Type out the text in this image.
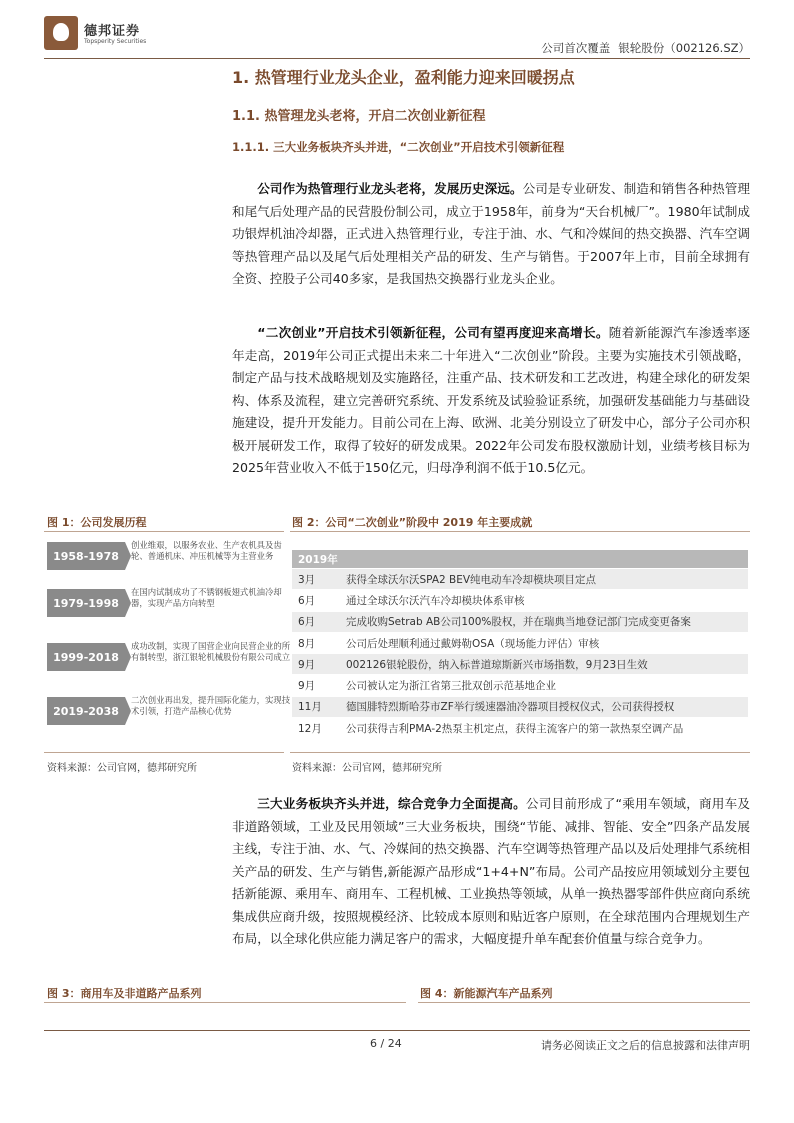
德邦证券
Topsperity Securities	公司首次覆盖 银轮股份（002126.SZ）
1. 热管理行业龙头企业，盈利能力迎来回暖拐点
1.1. 热管理龙头老将，开启二次创业新征程
1.1.1. 三大业务板块齐头并进，“二次创业”开启技术引领新征程

公司作为热管理行业龙头老将，发展历史深远。公司是专业研发、制造和销售各种热管理和尾气后处理产品的民营股份制公司，成立于1958年，前身为“天台机械厂”。1980年试制成功银焊机油冷却器，正式进入热管理行业，专注于油、水、气和冷媒间的热交换器、汽车空调等热管理产品以及尾气后处理相关产品的研发、生产与销售。于2007年上市，目前全球拥有全资、控股子公司40多家，是我国热交换器行业龙头企业。

“二次创业”开启技术引领新征程，公司有望再度迎来高增长。随着新能源汽车渗透率逐年走高，2019年公司正式提出未来二十年进入“二次创业”阶段。主要为实施技术引领战略，制定产品与技术战略规划及实施路径，注重产品、技术研发和工艺改进，构建全球化的研发架构、体系及流程，建立完善研究系统、开发系统及试验验证系统，加强研发基础能力与基础设施建设，提升开发能力。目前公司在上海、欧洲、北美分别设立了研发中心，部分子公司亦积极开展研发工作，取得了较好的研发成果。2022年公司发布股权激励计划，业绩考核目标为2025年营业收入不低于150亿元，归母净利润不低于10.5亿元。

图 1：公司发展历程
1958-1978
创业维艰，以服务农业、生产农机具及齿轮、普通机床、冲压机械等为主营业务
1979-1998
在国内试制成功了不锈钢板翅式机油冷却器，实现产品方向转型
1999-2018
成功改制，实现了国营企业向民营企业的所有制转型，浙江银轮机械股份有限公司成立
2019-2038
二次创业再出发，提升国际化能力，实现技术引领，打造产品核心优势
资料来源：公司官网，德邦研究所
图 2：公司“二次创业”阶段中 2019 年主要成就
2019年	
3月	获得全球沃尔沃SPA2 BEV纯电动车冷却模块项目定点
6月	通过全球沃尔沃汽车冷却模块体系审核
6月	完成收购Setrab AB公司100%股权，并在瑞典当地登记部门完成变更备案
8月	公司后处理顺利通过戴姆勒OSA（现场能力评估）审核
9月	002126银轮股份，纳入标普道琼斯新兴市场指数，9月23日生效
9月	公司被认定为浙江省第三批双创示范基地企业
11月	德国腓特烈斯哈芬市ZF举行缓速器油冷器项目授权仪式，公司获得授权
12月	公司获得吉利PMA-2热泵主机定点，获得主流客户的第一款热泵空调产品
资料来源：公司官网，德邦研究所

三大业务板块齐头并进，综合竞争力全面提高。公司目前形成了“乘用车领域，商用车及非道路领域，工业及民用领域”三大业务板块，围绕“节能、减排、智能、安全”四条产品发展主线，专注于油、水、气、冷媒间的热交换器、汽车空调等热管理产品以及后处理排气系统相关产品的研发、生产与销售,新能源产品形成“1+4+N”布局。公司产品按应用领域划分主要包括新能源、乘用车、商用车、工程机械、工业换热等领域，从单一换热器零部件供应商向系统集成供应商升级，按照规模经济、比较成本原则和贴近客户原则，在全球范围内合理规划生产布局，以全球化供应能力满足客户的需求，大幅度提升单车配套价值量与综合竞争力。

图 3：商用车及非道路产品系列	图 4：新能源汽车产品系列
6 / 24	请务必阅读正文之后的信息披露和法律声明
